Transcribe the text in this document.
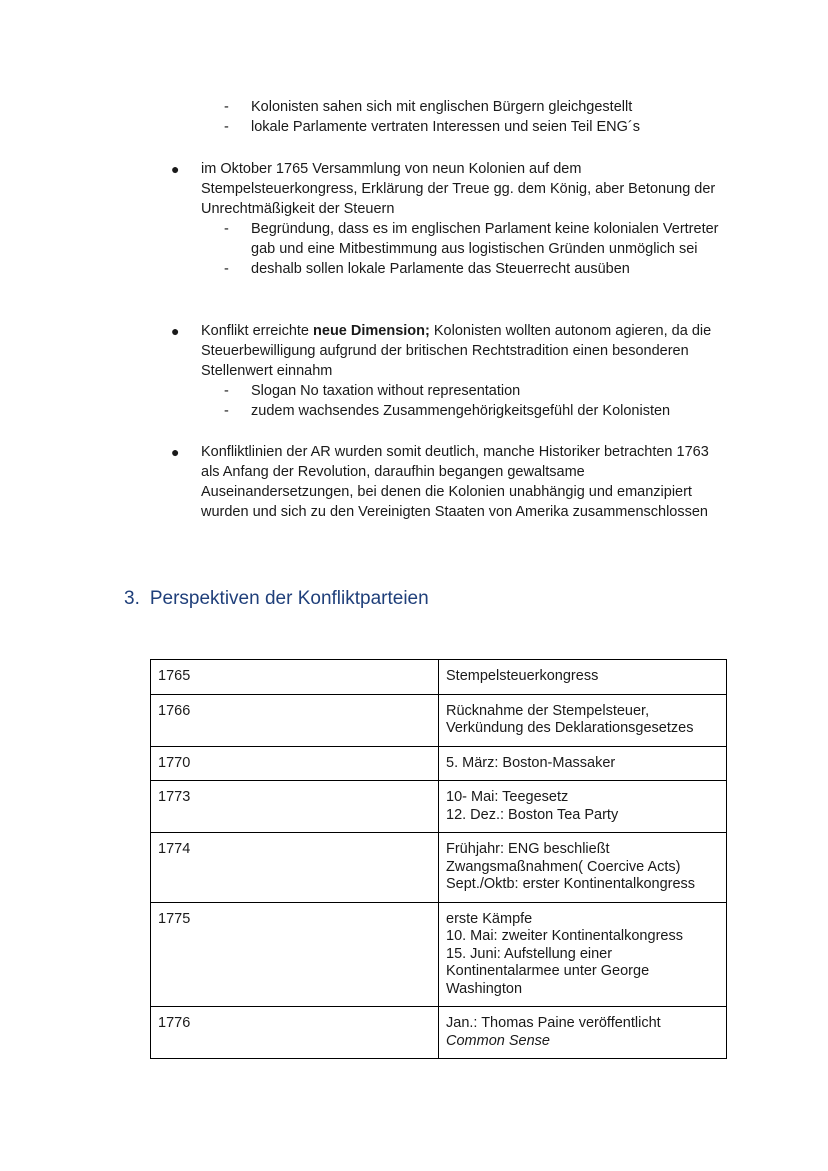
- Kolonisten sahen sich mit englischen Bürgern gleichgestellt
- lokale Parlamente vertraten Interessen und seien Teil ENG´s
● im Oktober 1765 Versammlung von neun Kolonien auf dem Stempelsteuerkongress, Erklärung der Treue gg. dem König, aber Betonung der Unrechtmäßigkeit der Steuern
- Begründung, dass es im englischen Parlament keine kolonialen Vertreter gab und eine Mitbestimmung aus logistischen Gründen unmöglich sei
- deshalb sollen lokale Parlamente das Steuerrecht ausüben
● Konflikt erreichte neue Dimension; Kolonisten wollten autonom agieren, da die Steuerbewilligung aufgrund der britischen Rechtstradition einen besonderen Stellenwert einnahm
- Slogan No taxation without representation
- zudem wachsendes Zusammengehörigkeitsgefühl der Kolonisten
● Konfliktlinien der AR wurden somit deutlich, manche Historiker betrachten 1763 als Anfang der Revolution, daraufhin begangen gewaltsame Auseinandersetzungen, bei denen die Kolonien unabhängig und emanzipiert wurden und sich zu den Vereinigten Staaten von Amerika zusammenschlossen
3. Perspektiven der Konfliktparteien
1765	Stempelsteuerkongress

1766	Rücknahme der Stempelsteuer,
Verkündung des Deklarationsgesetzes

1770	5. März: Boston-Massaker

1773	10- Mai: Teegesetz
12. Dez.: Boston Tea Party

1774	Frühjahr: ENG beschließt
Zwangsmaßnahmen( Coercive Acts)
Sept./Oktb: erster Kontinentalkongress

1775	erste Kämpfe
10. Mai: zweiter Kontinentalkongress
15. Juni: Aufstellung einer
Kontinentalarmee unter George
Washington

1776	Jan.: Thomas Paine veröffentlicht
Common Sense
